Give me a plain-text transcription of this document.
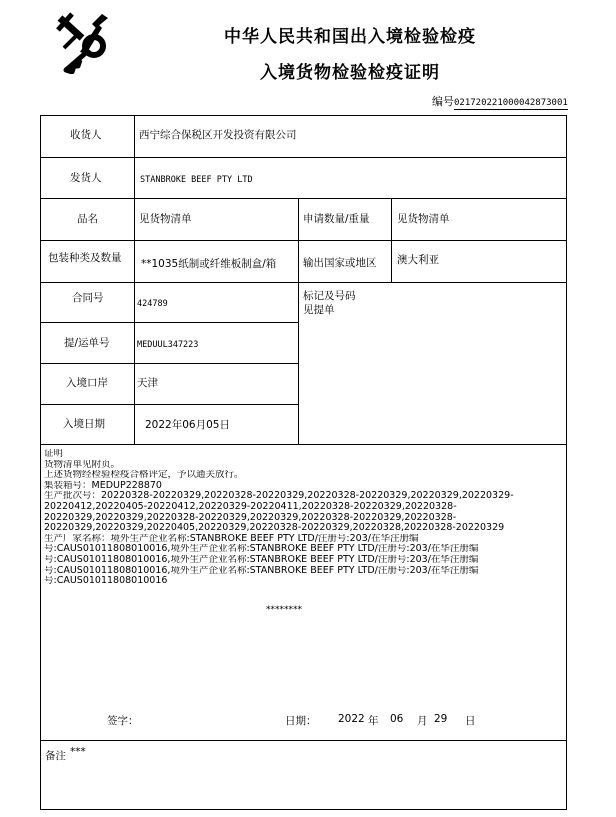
中华人民共和国出入境检验检疫
入境货物检验检疫证明
编号021720221000042873001
收货人	西宁综合保税区开发投资有限公司
发货人	STANBROKE BEEF PTY LTD
品名	见货物清单	申请数量/重量	见货物清单
包装种类及数量 **1035纸制或纤维板制盒/箱	输出国家或地区 澳大利亚
合同号	424789
标记及号码
见提单
提/运单号	MEDUUL347223
入境口岸	天津
入境日期	2022年06月05日
证明
货物清单见附页。
上述货物经检验检疫合格评定，予以通关放行。
集装箱号：MEDUP228870
生产批次号：20220328-20220329,20220328-20220329,20220328-20220329,20220329,20220329-
20220412,20220405-20220412,20220329-20220411,20220328-20220329,20220328-
20220329,20220329,20220328-20220329,20220329,20220328-20220329,20220328-
20220329,20220329,20220405,20220329,20220328-20220329,20220328,20220328-20220329
生产厂家名称：境外生产企业名称:STANBROKE BEEF PTY LTD/注册号:203/在华注册编
号:CAUS01011808010016,境外生产企业名称:STANBROKE BEEF PTY LTD/注册号:203/在华注册编
号:CAUS01011808010016,境外生产企业名称:STANBROKE BEEF PTY LTD/注册号:203/在华注册编
号:CAUS01011808010016,境外生产企业名称:STANBROKE BEEF PTY LTD/注册号:203/在华注册编
号:CAUS01011808010016
********
签字：	日期： 2022 年 06 月 29 日
备注 ***
